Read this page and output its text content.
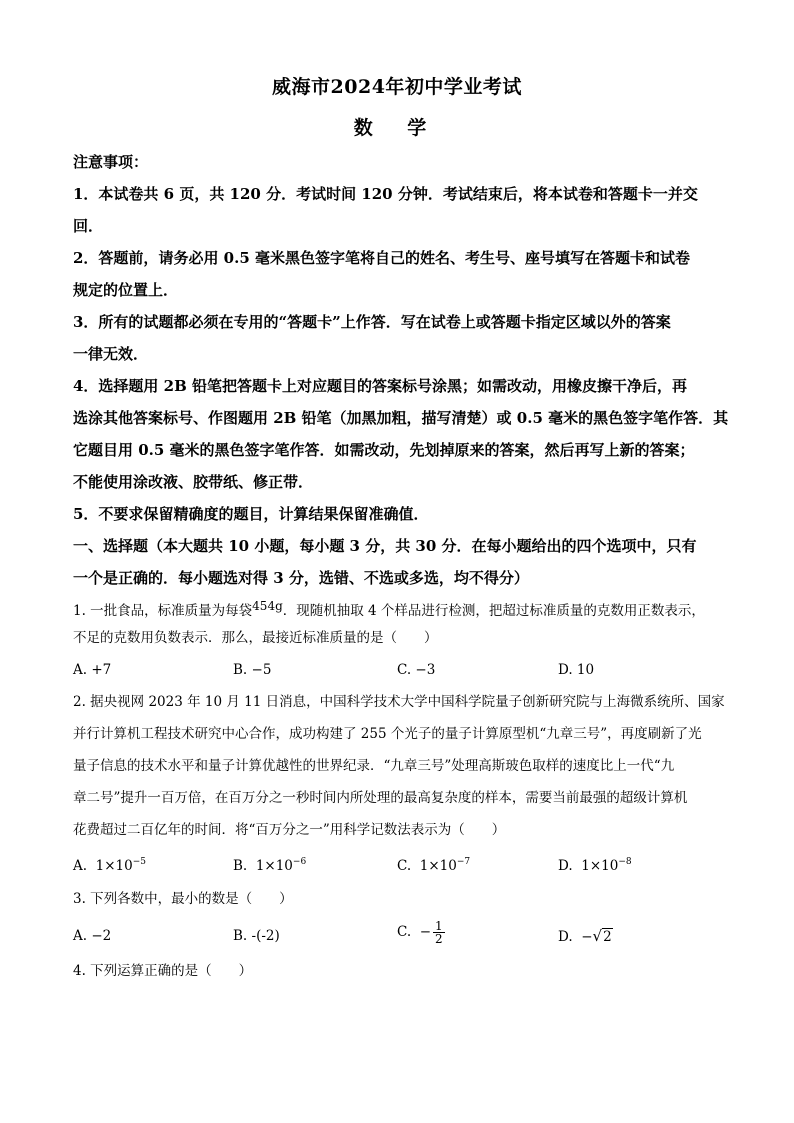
威海市2024年初中学业考试
数 学
注意事项：
1．本试卷共 6 页，共 120 分．考试时间 120 分钟．考试结束后，将本试卷和答题卡一并交
回．
2．答题前，请务必用 0.5 毫米黑色签字笔将自己的姓名、考生号、座号填写在答题卡和试卷
规定的位置上．
3．所有的试题都必须在专用的“答题卡”上作答．写在试卷上或答题卡指定区域以外的答案
一律无效．
4．选择题用 2B 铅笔把答题卡上对应题目的答案标号涂黑；如需改动，用橡皮擦干净后，再
选涂其他答案标号、作图题用 2B 铅笔（加黑加粗，描写清楚）或 0.5 毫米的黑色签字笔作答．其
它题目用 0.5 毫米的黑色签字笔作答．如需改动，先划掉原来的答案，然后再写上新的答案；
不能使用涂改液、胶带纸、修正带．
5．不要求保留精确度的题目，计算结果保留准确值．
一、选择题（本大题共 10 小题，每小题 3 分，共 30 分．在每小题给出的四个选项中，只有
一个是正确的．每小题选对得 3 分，选错、不选或多选，均不得分）
1. 一批食品，标准质量为每袋454g．现随机抽取 4 个样品进行检测，把超过标准质量的克数用正数表示，
不足的克数用负数表示．那么，最接近标准质量的是（　　）
A. +7	B. −5	C. −3	D. 10
2. 据央视网 2023 年 10 月 11 日消息，中国科学技术大学中国科学院量子创新研究院与上海微系统所、国家
并行计算机工程技术研究中心合作，成功构建了 255 个光子的量子计算原型机“九章三号”，再度刷新了光
量子信息的技术水平和量子计算优越性的世界纪录．“九章三号”处理高斯玻色取样的速度比上一代“九
章二号”提升一百万倍，在百万分之一秒时间内所处理的最高复杂度的样本，需要当前最强的超级计算机
花费超过二百亿年的时间．将“百万分之一”用科学记数法表示为（　　）
A. $1\times 10^{-5}$	B. $1\times 10^{-6}$	C. $1\times 10^{-7}$	D. $1\times 10^{-8}$
3. 下列各数中，最小的数是（　　）
A. −2	B. -(-2)	C. − $\frac{1}{2}$	D. −√2
4. 下列运算正确的是（　　）
